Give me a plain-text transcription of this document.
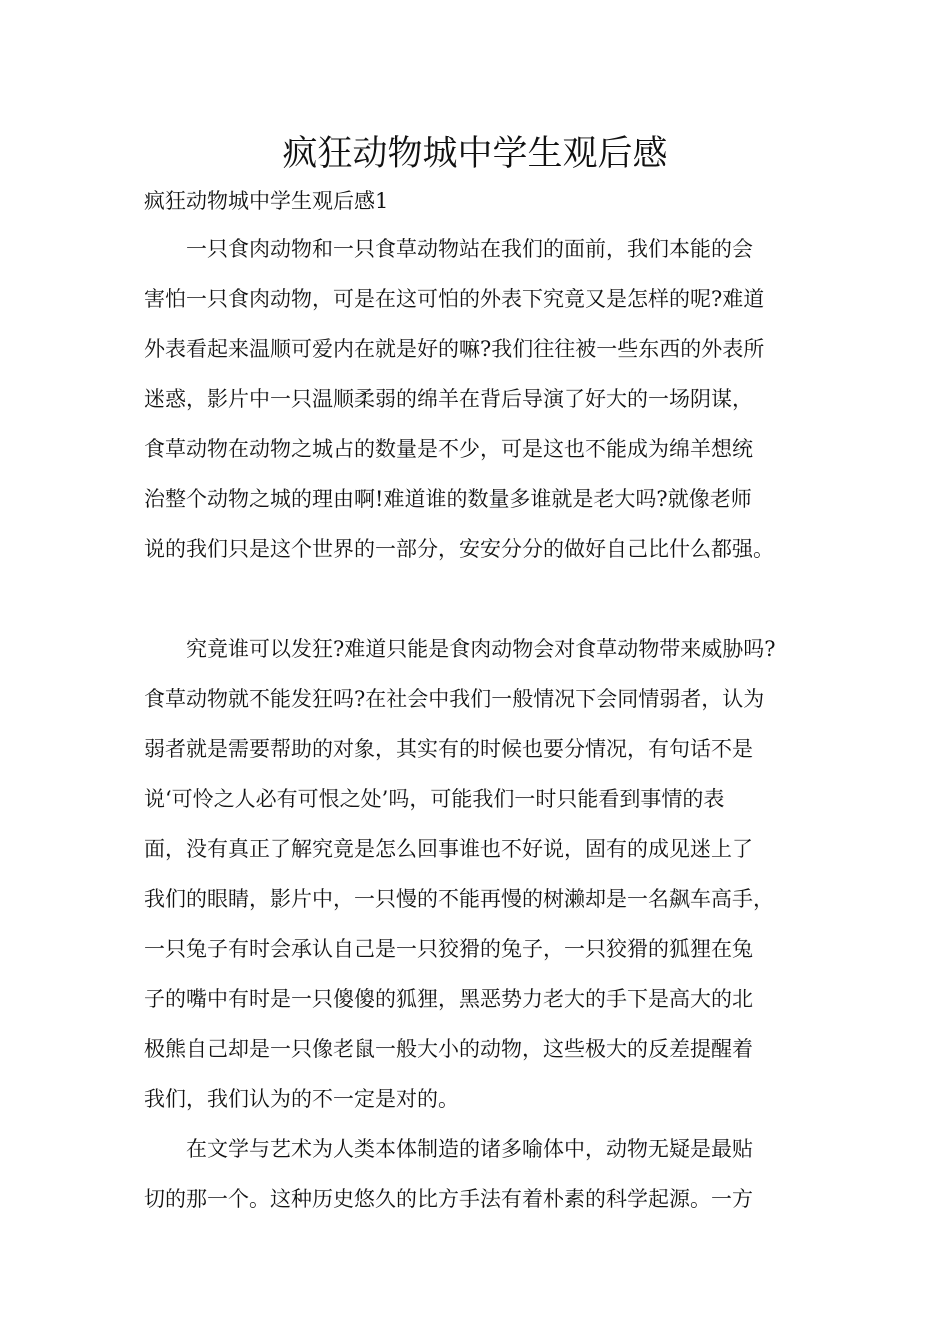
疯狂动物城中学生观后感
疯狂动物城中学生观后感1
一只食肉动物和一只食草动物站在我们的面前，我们本能的会
害怕一只食肉动物，可是在这可怕的外表下究竟又是怎样的呢?难道
外表看起来温顺可爱内在就是好的嘛?我们往往被一些东西的外表所
迷惑，影片中一只温顺柔弱的绵羊在背后导演了好大的一场阴谋，
食草动物在动物之城占的数量是不少，可是这也不能成为绵羊想统
治整个动物之城的理由啊!难道谁的数量多谁就是老大吗?就像老师
说的我们只是这个世界的一部分，安安分分的做好自己比什么都强。
究竟谁可以发狂?难道只能是食肉动物会对食草动物带来威胁吗?
食草动物就不能发狂吗?在社会中我们一般情况下会同情弱者，认为
弱者就是需要帮助的对象，其实有的时候也要分情况，有句话不是
说‘可怜之人必有可恨之处’吗，可能我们一时只能看到事情的表
面，没有真正了解究竟是怎么回事谁也不好说，固有的成见迷上了
我们的眼睛，影片中，一只慢的不能再慢的树濑却是一名飙车高手，
一只兔子有时会承认自己是一只狡猾的兔子，一只狡猾的狐狸在兔
子的嘴中有时是一只傻傻的狐狸，黑恶势力老大的手下是高大的北
极熊自己却是一只像老鼠一般大小的动物，这些极大的反差提醒着
我们，我们认为的不一定是对的。
在文学与艺术为人类本体制造的诸多喻体中，动物无疑是最贴
切的那一个。这种历史悠久的比方手法有着朴素的科学起源。一方
